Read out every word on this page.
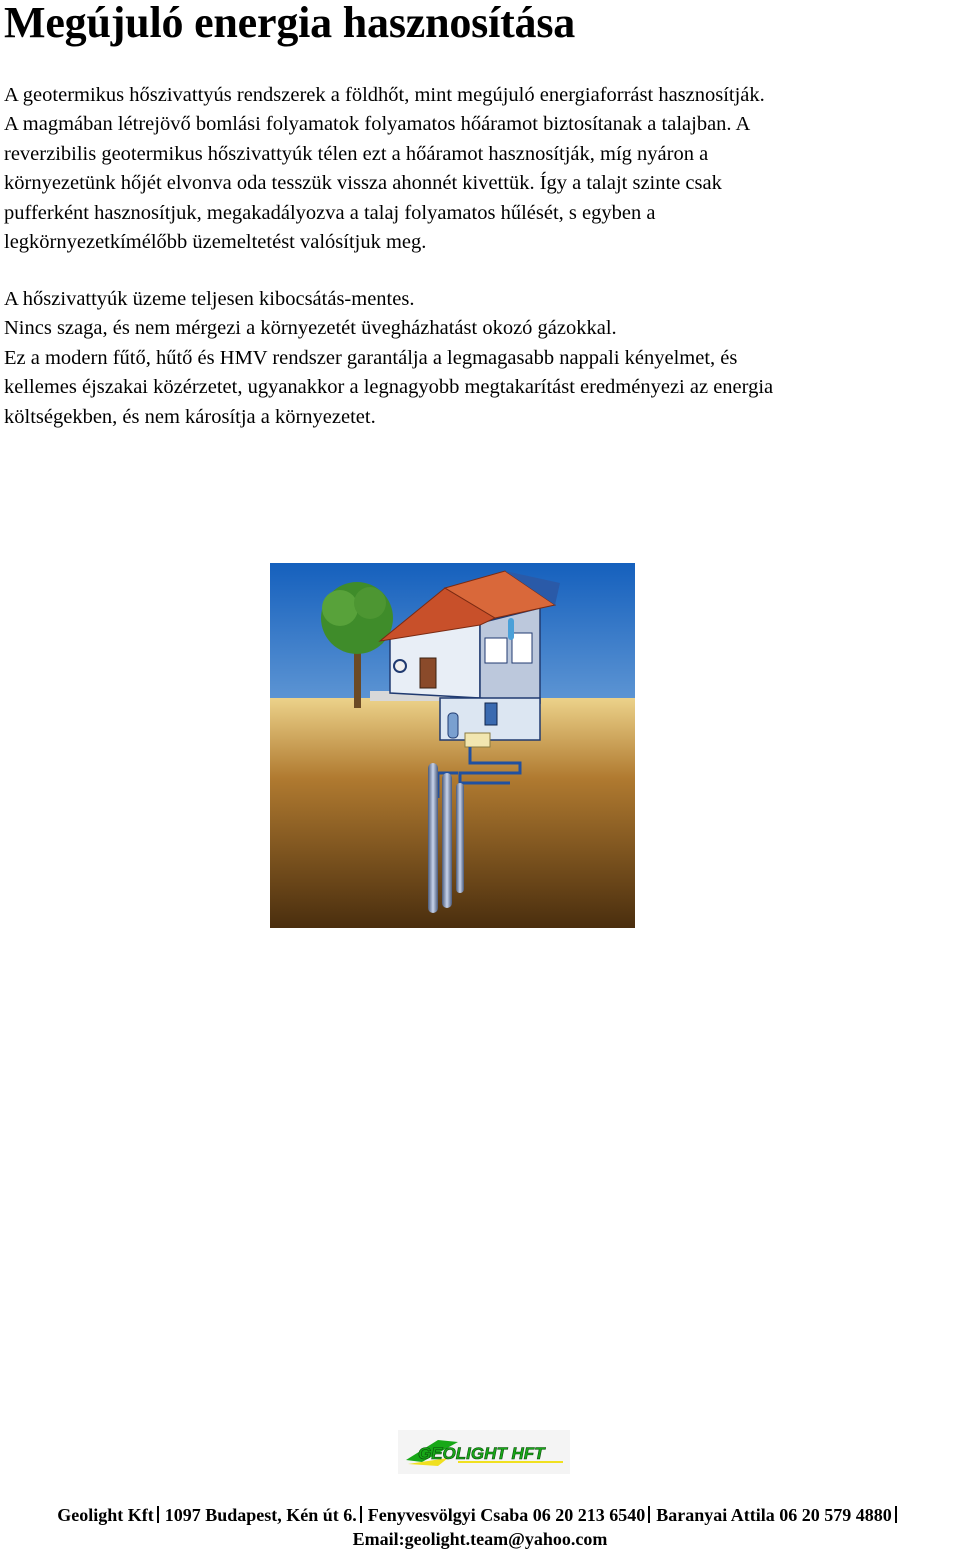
Megújuló energia hasznosítása

A geotermikus hőszivattyús rendszerek a földhőt, mint megújuló energiaforrást hasznosítják.

A magmában létrejövő bomlási folyamatok folyamatos hőáramot biztosítanak a talajban. A

reverzibilis geotermikus hőszivattyúk télen ezt a hőáramot hasznosítják, míg nyáron a

környezetünk hőjét elvonva oda tesszük vissza ahonnét kivettük. Így a talajt szinte csak

pufferként hasznosítjuk, megakadályozva a talaj folyamatos hűlését, s egyben a

legkörnyezetkímélőbb üzemeltetést valósítjuk meg.

A hőszivattyúk üzeme teljesen kibocsátás-mentes.

Nincs szaga, és nem mérgezi a környezetét üvegházhatást okozó gázokkal.

Ez a modern fűtő, hűtő és HMV rendszer garantálja a legmagasabb nappali kényelmet, és

kellemes éjszakai közérzetet, ugyanakkor a legnagyobb megtakarítást eredményezi az energia

költségekben, és nem károsítja a környezetet.

GEOLIGHT HFT
Geolight Kft 1097 Budapest, Kén út 6. Fenyvesvölgyi Csaba 06 20 213 6540 Baranyai Attila 06 20 579 4880
Email:geolight.team@yahoo.com
